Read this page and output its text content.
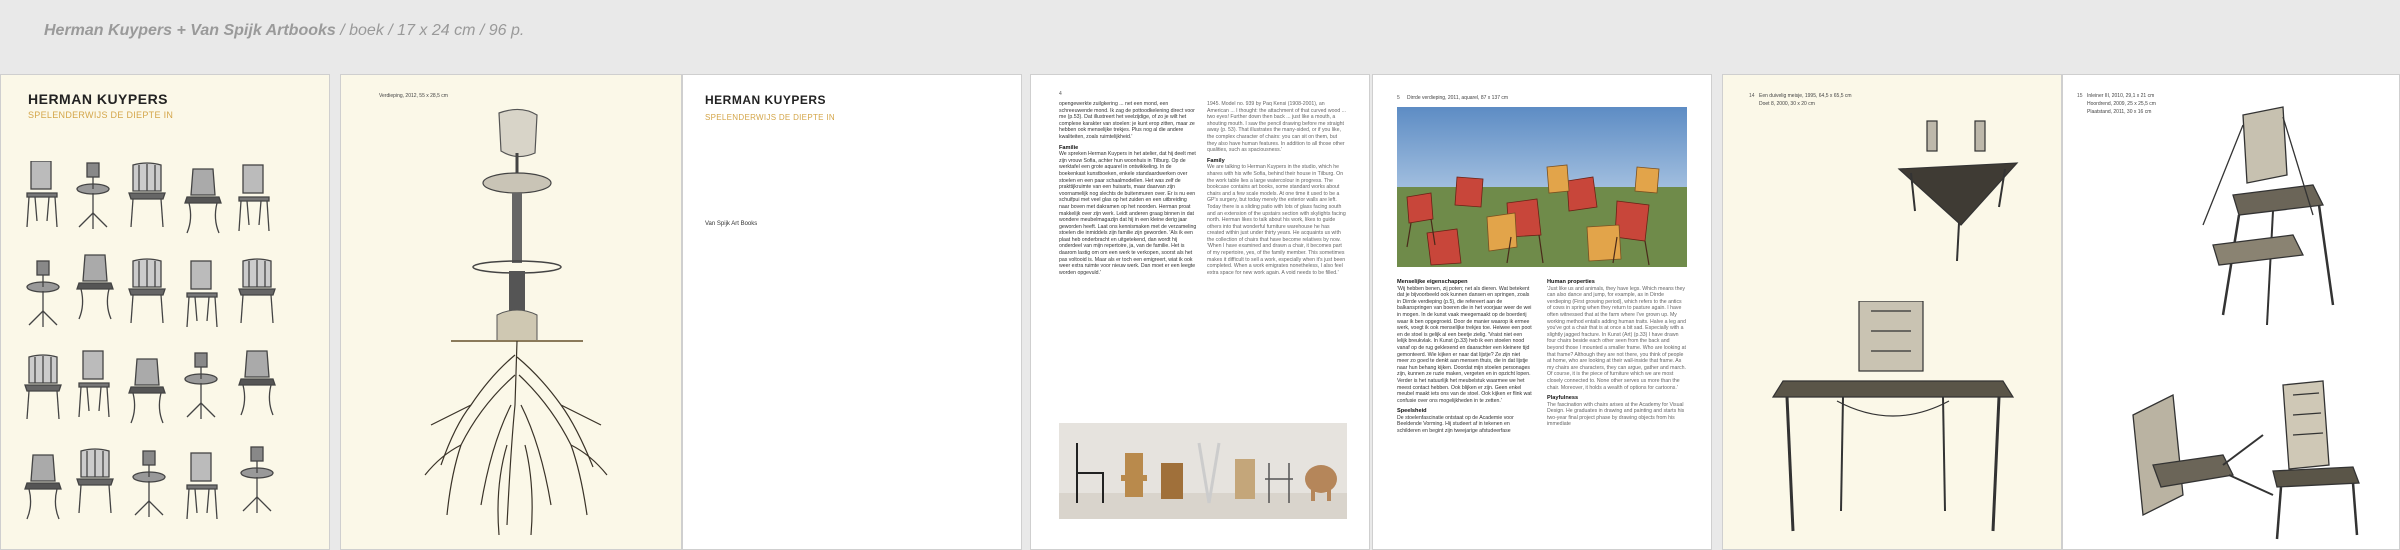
Herman Kuypers + Van Spijk Artbooks / boek / 17 x 24 cm / 96 p.
HERMAN KUYPERS
SPELENDERWIJS DE DIEPTE IN
Verdieping, 2012, 55 x 28,5 cm	HERMAN KUYPERS
SPELENDERWIJS DE DIEPTE IN
Van Spijk Art Books
4

opengewerkte zuilgkering ... net een mond, een schreeuwende mond. Ik zag de pottoodkelening direct voor me (p.53). Dat illustreert het veelzijdige, of zo je wilt het complexe karakter van stoelen: je kunt erop zitten, maar ze hebben ook menselijke trekjes. Plus nog al die andere kwaliteiten, zoals ruimtelijkheid.'

Familie

We spreken Herman Kuypers in het atelier, dat hij deelt met zijn vrouw Sofia, achter hun woonhuis in Tilburg. Op de werktafel een grote aquarel in ontwikkeling. In de boekenkast kunstboeken, enkele standaardwerken over stoelen en een paar schaalmodellen. Het was zelf de prakttijkruimte van een huisarts, maar daarvan zijn voornamelijk nog slechts de buitenmuren over. Er is nu een schuifpui met veel glas op het zuiden en een uitbreiding naar boven met dakramen op het noorden. Herman proat makkelijk over zijn werk. Leidt anderen graag binnen in dat wondere meubelmagazijn dat hij in een kleine derig jaar geworden heeft. Laat ons kennismaken met de verzameling stoelen die inmiddels zijn familie zijn geworden. 'Als ik een plaat heb onderbracht en uitgetekend, dan wordt hij onderdeel van mijn repertoire, ja, van de familie. Het is daarom lastig om om een werk te verkopen, soorst als het pas voltooid is. Maar als er toch een emigreert, wiat ik ook weer extra ruimte voor nieuw werk. Dan moet er een leegte worden opgevuld.'

1945. Model no. 939 by Paq Kensi (1908-2001), an American ... I thought: the attachment of that curved wood ... two eyes! Further down then back ... just like a mouth, a shouting mouth. I saw the pencil drawing before me straight away (p. 53). That illustrates the many-sided, or if you like, the complex character of chairs: you can sit on them, but they also have human features. In addition to all those other qualities, such as spaciousness.'

Family

We are talking to Herman Kuypers in the studio, which he shares with his wife Sofia, behind their house in Tilburg. On the work table lies a large watercolour in progress. The bookcase contains art books, some standard works about chairs and a few scale models. At one time it used to be a GP's surgery, but today merely the exterior walls are left. Today there is a sliding patio with lots of glass facing south and an extension of the upstairs section with skylights facing north. Herman likes to talk about his work, likes to guide others into that wonderful furniture warehouse he has created within just under thirty years. He acquaints us with the collection of chairs that have become relatives by now. 'When I have examined and drawn a chair, it becomes part of my repertoire, yes, of the family member. This sometimes makes it difficult to sell a work, especially when it's just been completed. When a work emigrates nonetheless, I also feel extra space for new work again. A void needs to be filled.'

5 Dirrde verdieping, 2011, aquarel, 87 x 137 cm
Menselijke eigenschappen

'Wij hebben benen, zij poten; net als dieren. Wat betekent dat je bijvoorbeeld ook kunnen dansen en springen, zoals in Dirrde verdieping (p.5), die refereert aan de balkanspringen van boeren die in het voorjaar weer de wei in mogen. In de kunst vaak meegemaakt op de boerderij waar ik ben opgegroeid. Door de manier waarop ik ermee werk, voegt ik ook menselijke trekjes toe. Heiwee een poot en de stoel is gelijk al een beetje zielig. 'Vraist niet een lelijk breukvlak. In Kunst (p.33) heb ik een stoelen nood vanaf op de rug geklexend en daarachter een kleinere tijd gemonteerd. Wie kijken er naar dat lijstje? Ze zijn niet meer zo goed te denkt aan mensen thuis, die in dat lijstje naar hun behang kijken. Doordat mijn stoelen personages zijn, kunnen ze ruzie maken, vergeten en in opzicht lopen. Verder is het natuurlijk het meubelstuk waarmee we het meest contact hebben. Ook blijken er zijn. Geen enkel meubel maakt iets ons van de stoel. Ook kijken er flink wat confusie over ons mogelijkheden in te zetten.'

Speelsheid

De stoelenfascinatie ontstaat op de Academie voor Beeldende Vorming. Hij studeert af in tekenen en schilderen en begint zijn tweejarige afstudeerfase

Human properties

'Just like us and animals, they have legs. Which means they can also dance and jump, for example, as in Dirrde verdieping (First growing period), which refers to the antics of cows in spring when they return to pasture again. I have often witnessed that at the farm where I've grown up. My working method entails adding human traits. Halve a leg and you've got a chair that is at once a bit sad. Especially with a slightly jagged fracture. In Kunst (Art) (p.33) I have drawn four chairs beside each other seen from the back and beyond those I mounted a smaller frame. Who are looking at that frame? Although they are not there, you think of people at home, who are looking at their wall-inside that frame. As my chairs are characters, they can argue, gather and march. Of course, it is the piece of furniture which we are most closely connected to. None other serves us more than the chair. Moreover, it holds a wealth of options for cartoons.'

Playfulness

The fascination with chairs arises at the Academy for Visual Design. He graduates in drawing and painting and starts his two-year final project phase by drawing objects from his immediate

14 Een duivelig meisje, 1995, 64,5 x 65,5 cm
Doet 8, 2000, 30 x 20 cm
15 Inleiner III, 2010, 29,1 x 21 cm
Hoordrend, 2009, 25 x 25,5 cm
Plaatstand, 2011, 30 x 16 cm
